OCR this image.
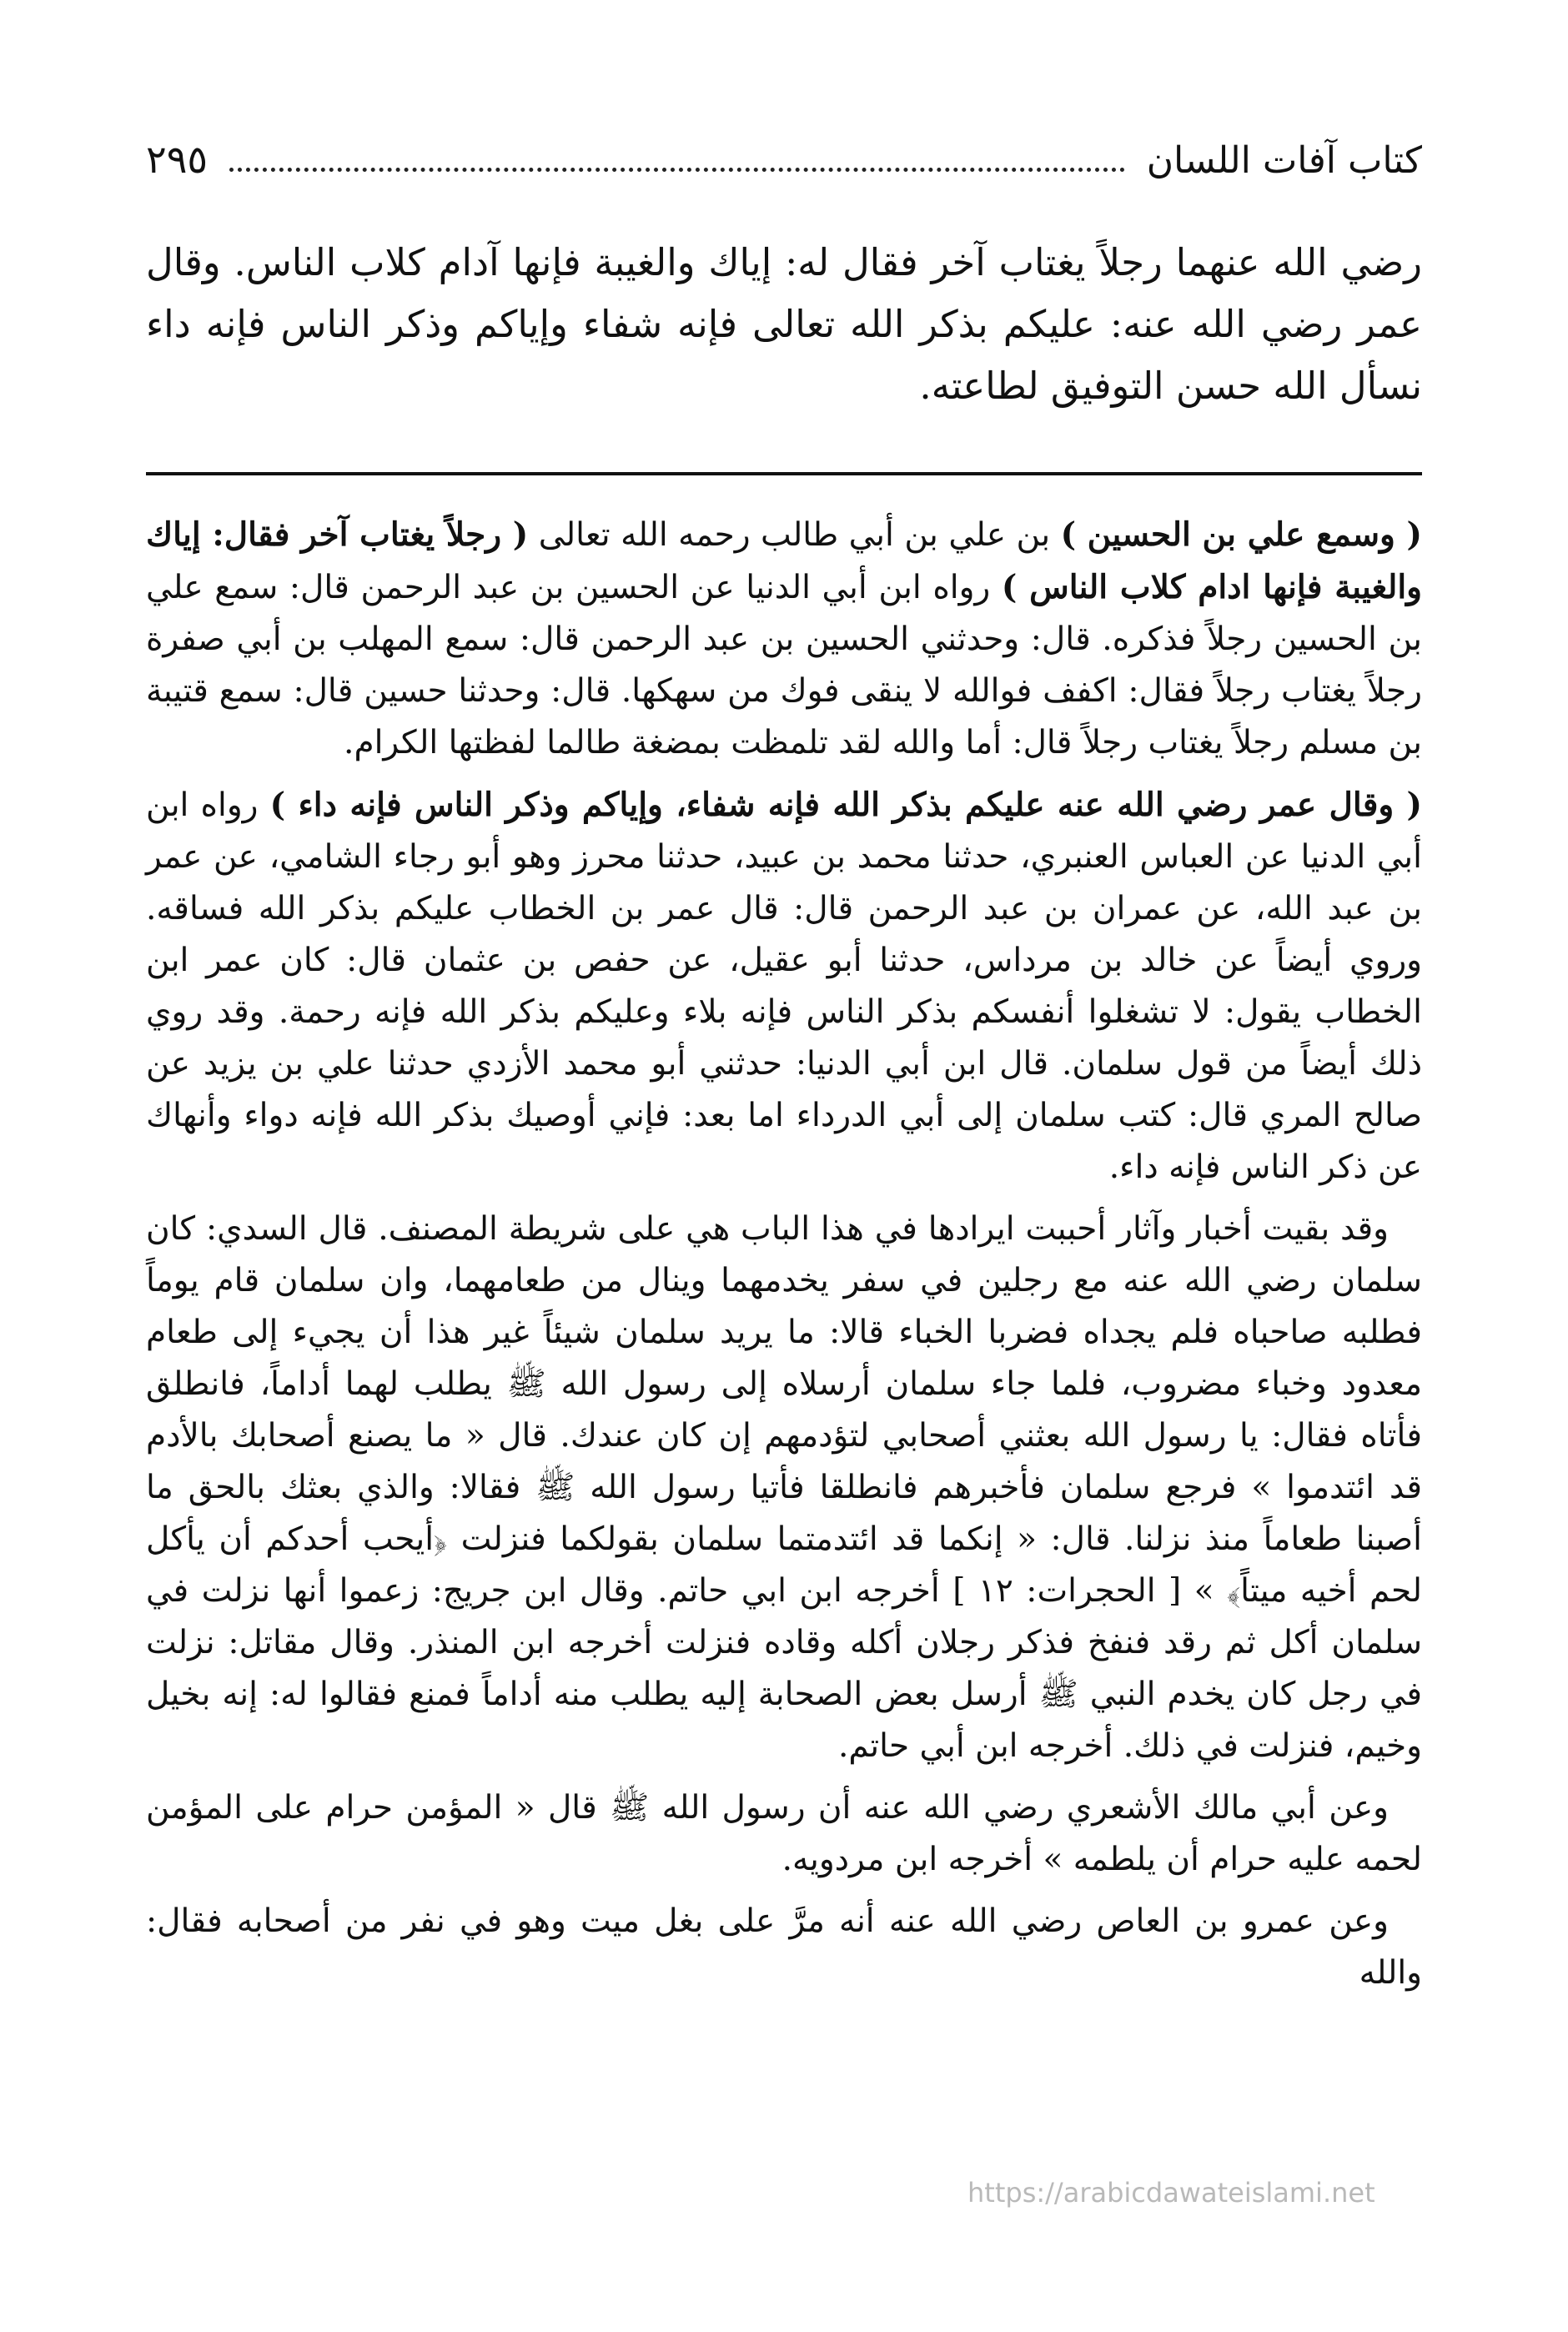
كتاب آفات اللسان
٢٩٥

رضي الله عنهما رجلاً يغتاب آخر فقال له: إياك والغيبة فإنها آدام كلاب الناس. وقال عمر رضي الله عنه: عليكم بذكر الله تعالى فإنه شفاء وإياكم وذكر الناس فإنه داء نسأل الله حسن التوفيق لطاعته.

( وسمع علي بن الحسين ) بن علي بن أبي طالب رحمه الله تعالى ( رجلاً يغتاب آخر فقال: إياك والغيبة فإنها ادام كلاب الناس ) رواه ابن أبي الدنيا عن الحسين بن عبد الرحمن قال: سمع علي بن الحسين رجلاً فذكره. قال: وحدثني الحسين بن عبد الرحمن قال: سمع المهلب بن أبي صفرة رجلاً يغتاب رجلاً فقال: اكفف فوالله لا ينقى فوك من سهكها. قال: وحدثنا حسين قال: سمع قتيبة بن مسلم رجلاً يغتاب رجلاً قال: أما والله لقد تلمظت بمضغة طالما لفظتها الكرام.

( وقال عمر رضي الله عنه عليكم بذكر الله فإنه شفاء، وإياكم وذكر الناس فإنه داء ) رواه ابن أبي الدنيا عن العباس العنبري، حدثنا محمد بن عبيد، حدثنا محرز وهو أبو رجاء الشامي، عن عمر بن عبد الله، عن عمران بن عبد الرحمن قال: قال عمر بن الخطاب عليكم بذكر الله فساقه. وروي أيضاً عن خالد بن مرداس، حدثنا أبو عقيل، عن حفص بن عثمان قال: كان عمر ابن الخطاب يقول: لا تشغلوا أنفسكم بذكر الناس فإنه بلاء وعليكم بذكر الله فإنه رحمة. وقد روي ذلك أيضاً من قول سلمان. قال ابن أبي الدنيا: حدثني أبو محمد الأزدي حدثنا علي بن يزيد عن صالح المري قال: كتب سلمان إلى أبي الدرداء اما بعد: فإني أوصيك بذكر الله فإنه دواء وأنهاك عن ذكر الناس فإنه داء.

وقد بقيت أخبار وآثار أحببت ايرادها في هذا الباب هي على شريطة المصنف. قال السدي: كان سلمان رضي الله عنه مع رجلين في سفر يخدمهما وينال من طعامهما، وان سلمان قام يوماً فطلبه صاحباه فلم يجداه فضربا الخباء قالا: ما يريد سلمان شيئاً غير هذا أن يجيء إلى طعام معدود وخباء مضروب، فلما جاء سلمان أرسلاه إلى رسول الله ﷺ يطلب لهما أداماً، فانطلق فأتاه فقال: يا رسول الله بعثني أصحابي لتؤدمهم إن كان عندك. قال « ما يصنع أصحابك بالأدم قد ائتدموا » فرجع سلمان فأخبرهم فانطلقا فأتيا رسول الله ﷺ فقالا: والذي بعثك بالحق ما أصبنا طعاماً منذ نزلنا. قال: « إنكما قد ائتدمتما سلمان بقولكما فنزلت ﴿أيحب أحدكم أن يأكل لحم أخيه ميتاً﴾ » [ الحجرات: ١٢ ] أخرجه ابن ابي حاتم. وقال ابن جريج: زعموا أنها نزلت في سلمان أكل ثم رقد فنفخ فذكر رجلان أكله وقاده فنزلت أخرجه ابن المنذر. وقال مقاتل: نزلت في رجل كان يخدم النبي ﷺ أرسل بعض الصحابة إليه يطلب منه أداماً فمنع فقالوا له: إنه بخيل وخيم، فنزلت في ذلك. أخرجه ابن أبي حاتم.

وعن أبي مالك الأشعري رضي الله عنه أن رسول الله ﷺ قال « المؤمن حرام على المؤمن لحمه عليه حرام أن يلطمه » أخرجه ابن مردويه.

وعن عمرو بن العاص رضي الله عنه أنه مرَّ على بغل ميت وهو في نفر من أصحابه فقال: والله

https://arabicdawateislami.net
